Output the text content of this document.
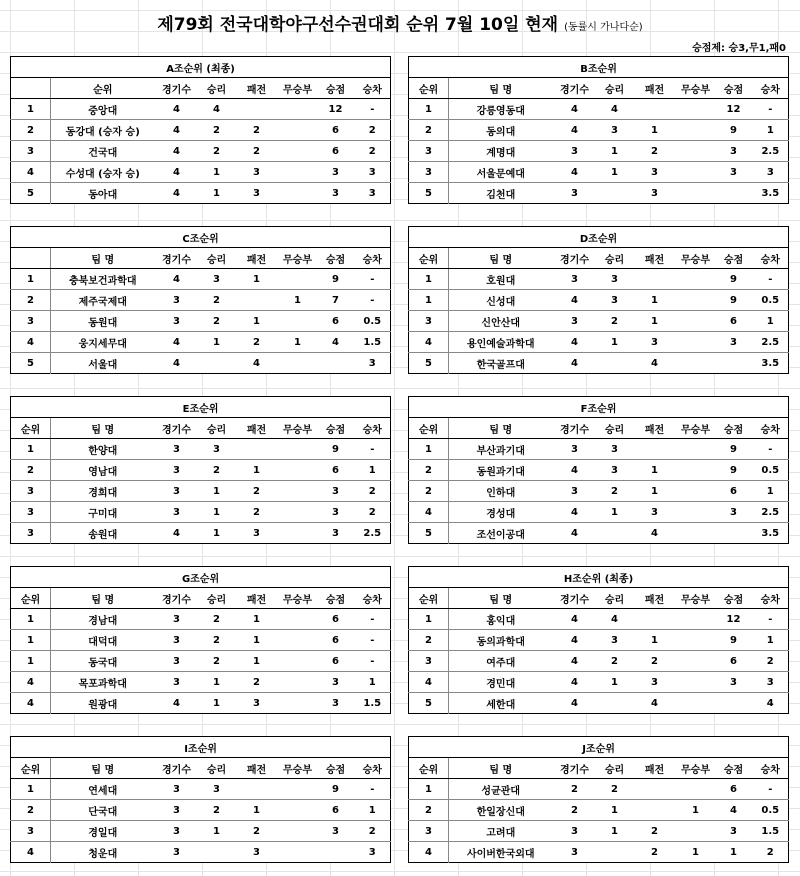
제79회 전국대학야구선수권대회 순위 7월 10일 현재 (동률시 가나다순)
승점제: 승3,무1,패0
A조순위 (최종)							
	순위	경기수	승리	패전	무승부	승점	승차
1	중앙대	4	4			12	-
2	동강대 (승자 승)	4	2	2		6	2
3	건국대	4	2	2		6	2
4	수성대 (승자 승)	4	1	3		3	3
5	동아대	4	1	3		3	3
B조순위							
순위	팀 명	경기수	승리	패전	무승부	승점	승차
1	강릉영동대	4	4			12	-
2	동의대	4	3	1		9	1
3	계명대	3	1	2		3	2.5
3	서울문예대	4	1	3		3	3
5	김천대	3		3			3.5
C조순위							
	팀 명	경기수	승리	패전	무승부	승점	승차
1	충북보건과학대	4	3	1		9	-
2	제주국제대	3	2		1	7	-
3	동원대	3	2	1		6	0.5
4	웅지세무대	4	1	2	1	4	1.5
5	서울대	4		4			3
D조순위							
순위	팀 명	경기수	승리	패전	무승부	승점	승차
1	호원대	3	3			9	-
1	신성대	4	3	1		9	0.5
3	신안산대	3	2	1		6	1
4	용인예술과학대	4	1	3		3	2.5
5	한국골프대	4		4			3.5
E조순위							
순위	팀 명	경기수	승리	패전	무승부	승점	승차
1	한양대	3	3			9	-
2	영남대	3	2	1		6	1
3	경희대	3	1	2		3	2
3	구미대	3	1	2		3	2
3	송원대	4	1	3		3	2.5
F조순위							
순위	팀 명	경기수	승리	패전	무승부	승점	승차
1	부산과기대	3	3			9	-
2	동원과기대	4	3	1		9	0.5
2	인하대	3	2	1		6	1
4	경성대	4	1	3		3	2.5
5	조선이공대	4		4			3.5
G조순위							
순위	팀 명	경기수	승리	패전	무승부	승점	승차
1	경남대	3	2	1		6	-
1	대덕대	3	2	1		6	-
1	동국대	3	2	1		6	-
4	목포과학대	3	1	2		3	1
4	원광대	4	1	3		3	1.5
H조순위 (최종)							
순위	팀 명	경기수	승리	패전	무승부	승점	승차
1	홍익대	4	4			12	-
2	동의과학대	4	3	1		9	1
3	여주대	4	2	2		6	2
4	경민대	4	1	3		3	3
5	세한대	4		4			4
I조순위							
순위	팀 명	경기수	승리	패전	무승부	승점	승차
1	연세대	3	3			9	-
2	단국대	3	2	1		6	1
3	경일대	3	1	2		3	2
4	청운대	3		3			3
J조순위							
순위	팀 명	경기수	승리	패전	무승부	승점	승차
1	성균관대	2	2			6	-
2	한일장신대	2	1		1	4	0.5
3	고려대	3	1	2		3	1.5
4	사이버한국외대	3		2	1	1	2
